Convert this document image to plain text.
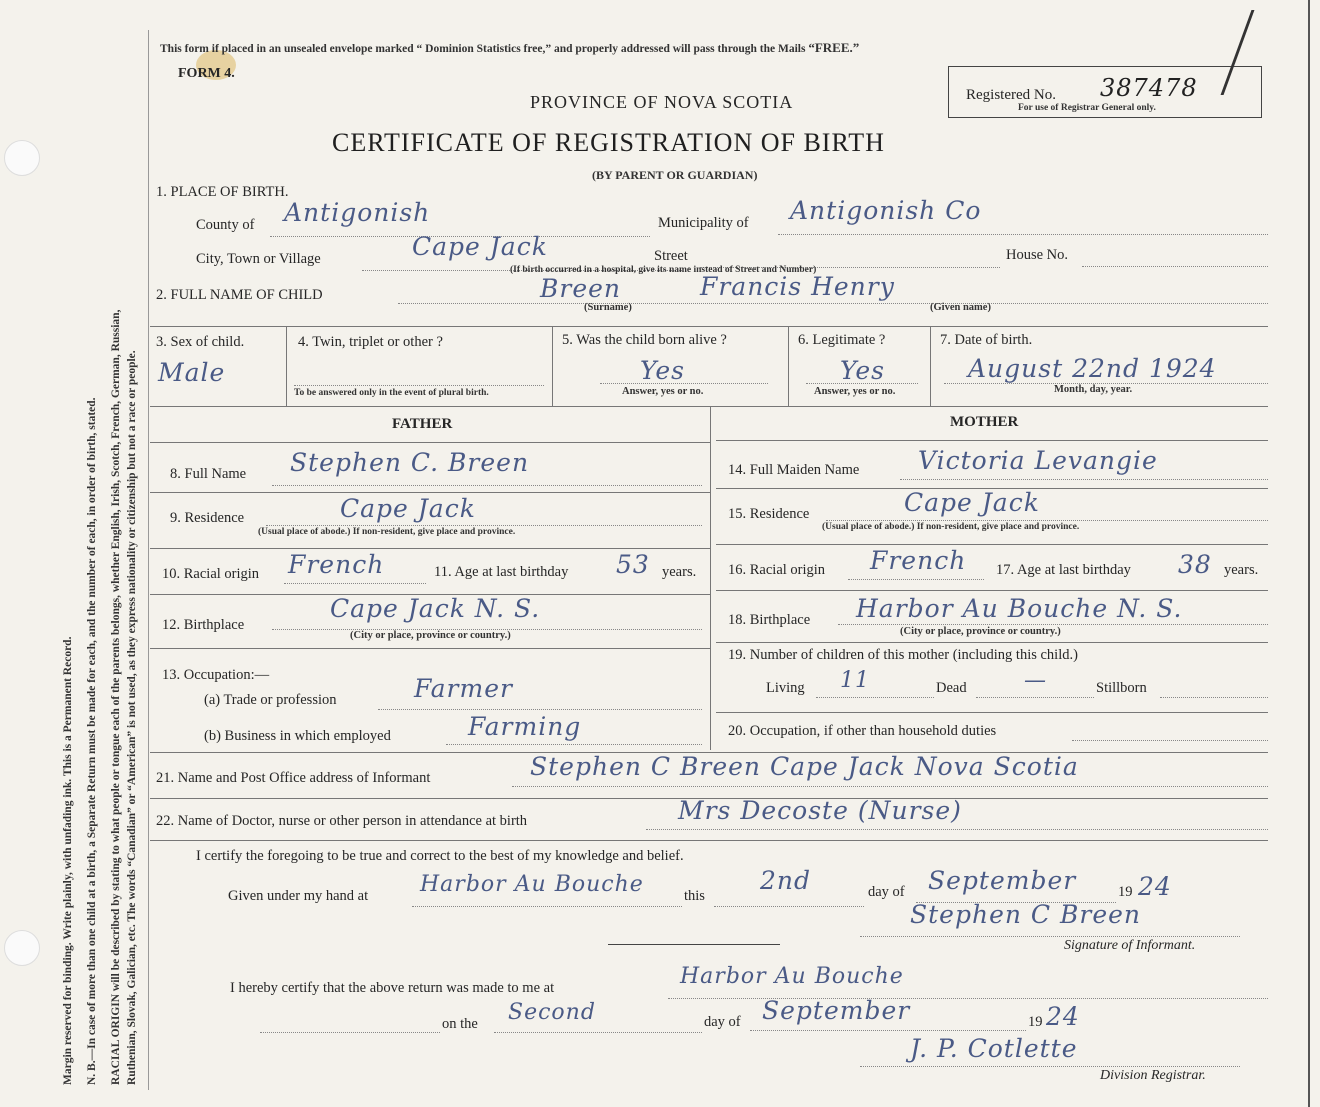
Margin reserved for binding. Write plainly, with unfading ink. This is a Permanent Record. N. B.—In case of more than one child at a birth, a Separate Return must be made for each, and the number of each, in order of birth, stated. RACIAL ORIGIN will be described by stating to what people or tongue each of the parents belongs, whether English, Irish, Scotch, French, German, Russian, Ruthenian, Slovak, Galician, etc. The words “Canadian” or “American” is not used, as they express nationality or citizenship but not a race or people.
This form if placed in an unsealed envelope marked “ Dominion Statistics free,” and properly addressed will pass through the Mails “FREE.”
FORM 4.
PROVINCE OF NOVA SCOTIA
CERTIFICATE OF REGISTRATION OF BIRTH
(BY PARENT OR GUARDIAN)
Registered No. 387478
For use of Registrar General only.
1. PLACE OF BIRTH.
County of Antigonish	Municipality of Antigonish Co
City, Town or Village	Cape Jack	Street	House No.
(If birth occurred in a hospital, give its name instead of Street and Number)
2. FULL NAME OF CHILD	Breen	Francis Henry
(Surname)	(Given name)
3. Sex of child.
Male
4. Twin, triplet or other ?
To be answered only in the event of plural birth.
5. Was the child born alive ?
Yes
Answer, yes or no.
6. Legitimate ?
Yes
Answer, yes or no.
7. Date of birth.
August 22nd 1924
Month, day, year.
FATHER	MOTHER
8. Full Name Stephen C. Breen
9. Residence	Cape Jack
(Usual place of abode.) If non-resident, give place and province.
10. Racial origin French	11. Age at last birthday 53 years.
12. Birthplace
Cape Jack N. S.
(City or place, province or country.)
13. Occupation:—
(a) Trade or profession	Farmer
(b) Business in which employed	Farming
14. Full Maiden Name Victoria Levangie
15. Residence	Cape Jack
(Usual place of abode.) If non-resident, give place and province.
16. Racial origin French 17. Age at last birthday 38 years.
18. Birthplace Harbor Au Bouche N. S.
(City or place, province or country.)
19. Number of children of this mother (including this child.)
Living 11	Dead	—	Stillborn
20. Occupation, if other than household duties
21. Name and Post Office address of Informant	Stephen C Breen Cape Jack Nova Scotia
22. Name of Doctor, nurse or other person in attendance at birth	Mrs Decoste (Nurse)
I certify the foregoing to be true and correct to the best of my knowledge and belief.
Given under my hand at Harbor Au Bouche	this
2nd	day of September	19 24
Stephen C Breen
Signature of Informant.
I hereby certify that the above return was made to me at	Harbor Au Bouche
on the Second	day of September	19 24
J. P. Cotlette
Division Registrar.
